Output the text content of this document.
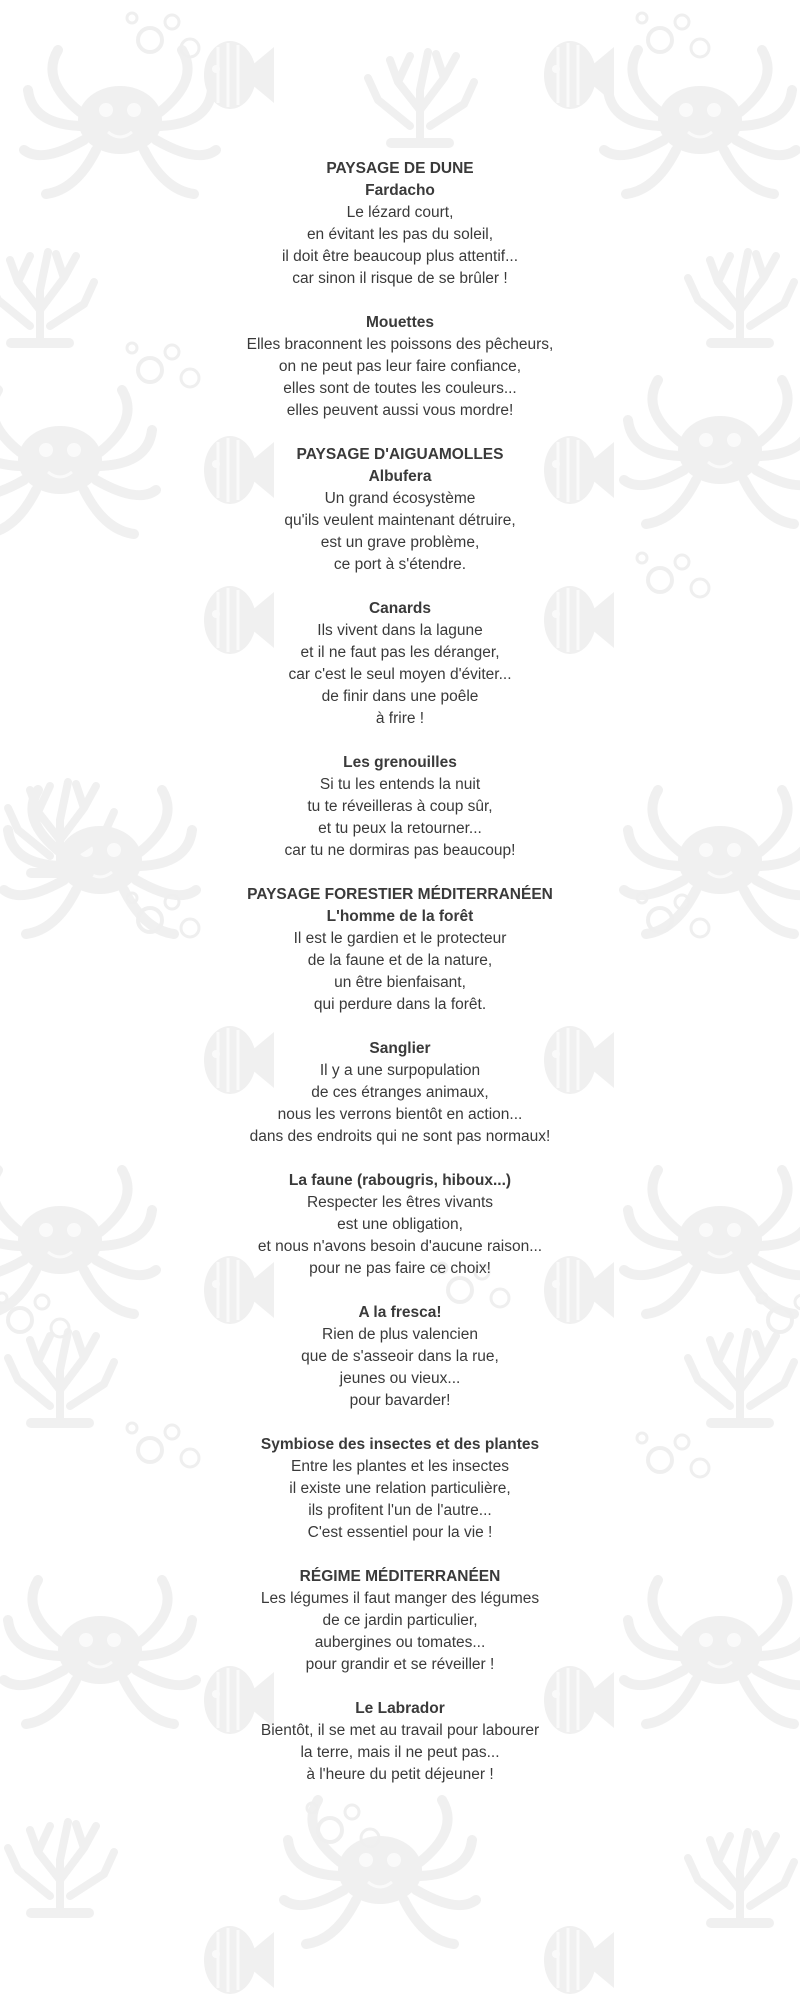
PAYSAGE DE DUNE
Fardacho
Le lézard court,
en évitant les pas du soleil,
il doit être beaucoup plus attentif...
car sinon il risque de se brûler !
Mouettes
Elles braconnent les poissons des pêcheurs,
on ne peut pas leur faire confiance,
elles sont de toutes les couleurs...
elles peuvent aussi vous mordre!
PAYSAGE D'AIGUAMOLLES
Albufera
Un grand écosystème
qu'ils veulent maintenant détruire,
est un grave problème,
ce port à s'étendre.
Canards
Ils vivent dans la lagune
et il ne faut pas les déranger,
car c'est le seul moyen d'éviter...
de finir dans une poêle
à frire !
Les grenouilles
Si tu les entends la nuit
tu te réveilleras à coup sûr,
et tu peux la retourner...
car tu ne dormiras pas beaucoup!
PAYSAGE FORESTIER MÉDITERRANÉEN
L'homme de la forêt
Il est le gardien et le protecteur
de la faune et de la nature,
un être bienfaisant,
qui perdure dans la forêt.
Sanglier
Il y a une surpopulation
de ces étranges animaux,
nous les verrons bientôt en action...
dans des endroits qui ne sont pas normaux!
La faune (rabougris, hiboux...)
Respecter les êtres vivants
est une obligation,
et nous n'avons besoin d'aucune raison...
pour ne pas faire ce choix!
A la fresca!
Rien de plus valencien
que de s'asseoir dans la rue,
jeunes ou vieux...
pour bavarder!
Symbiose des insectes et des plantes
Entre les plantes et les insectes
il existe une relation particulière,
ils profitent l'un de l'autre...
C'est essentiel pour la vie !
RÉGIME MÉDITERRANÉEN
Les légumes il faut manger des légumes
de ce jardin particulier,
aubergines ou tomates...
pour grandir et se réveiller !
Le Labrador
Bientôt, il se met au travail pour labourer
la terre, mais il ne peut pas...
à l'heure du petit déjeuner !
